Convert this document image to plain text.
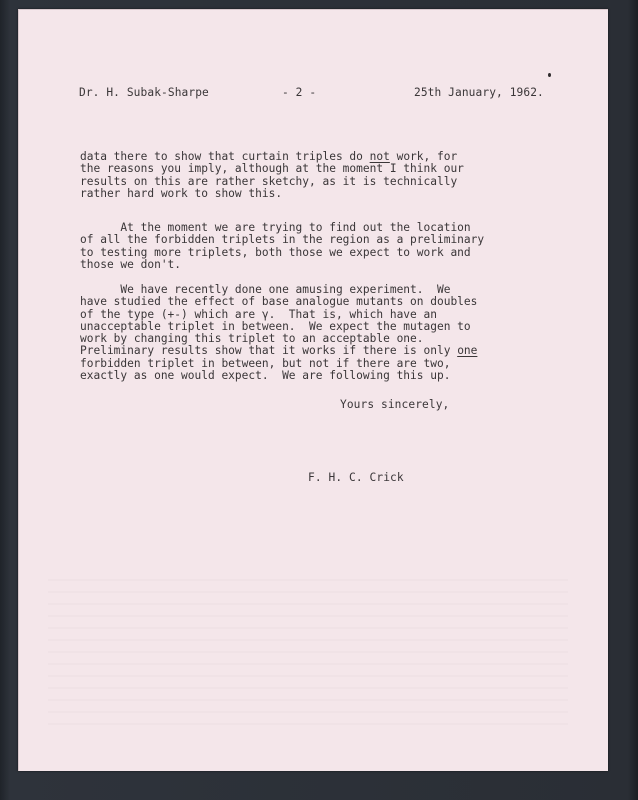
Dr. H. Subak-Sharpe	- 2 -	25th January, 1962.
data there to show that curtain triples do not work, for
the reasons you imply, although at the moment I think our
results on this are rather sketchy, as it is technically
rather hard work to show this.
At the moment we are trying to find out the location
of all the forbidden triplets in the region as a preliminary
to testing more triplets, both those we expect to work and
those we don't.
We have recently done one amusing experiment.  We
have studied the effect of base analogue mutants on doubles
of the type (+-) which are γ.  That is, which have an
unacceptable triplet in between.  We expect the mutagen to
work by changing this triplet to an acceptable one.
Preliminary results show that it works if there is only one
forbidden triplet in between, but not if there are two,
exactly as one would expect.  We are following this up.
Yours sincerely,
F. H. C. Crick
